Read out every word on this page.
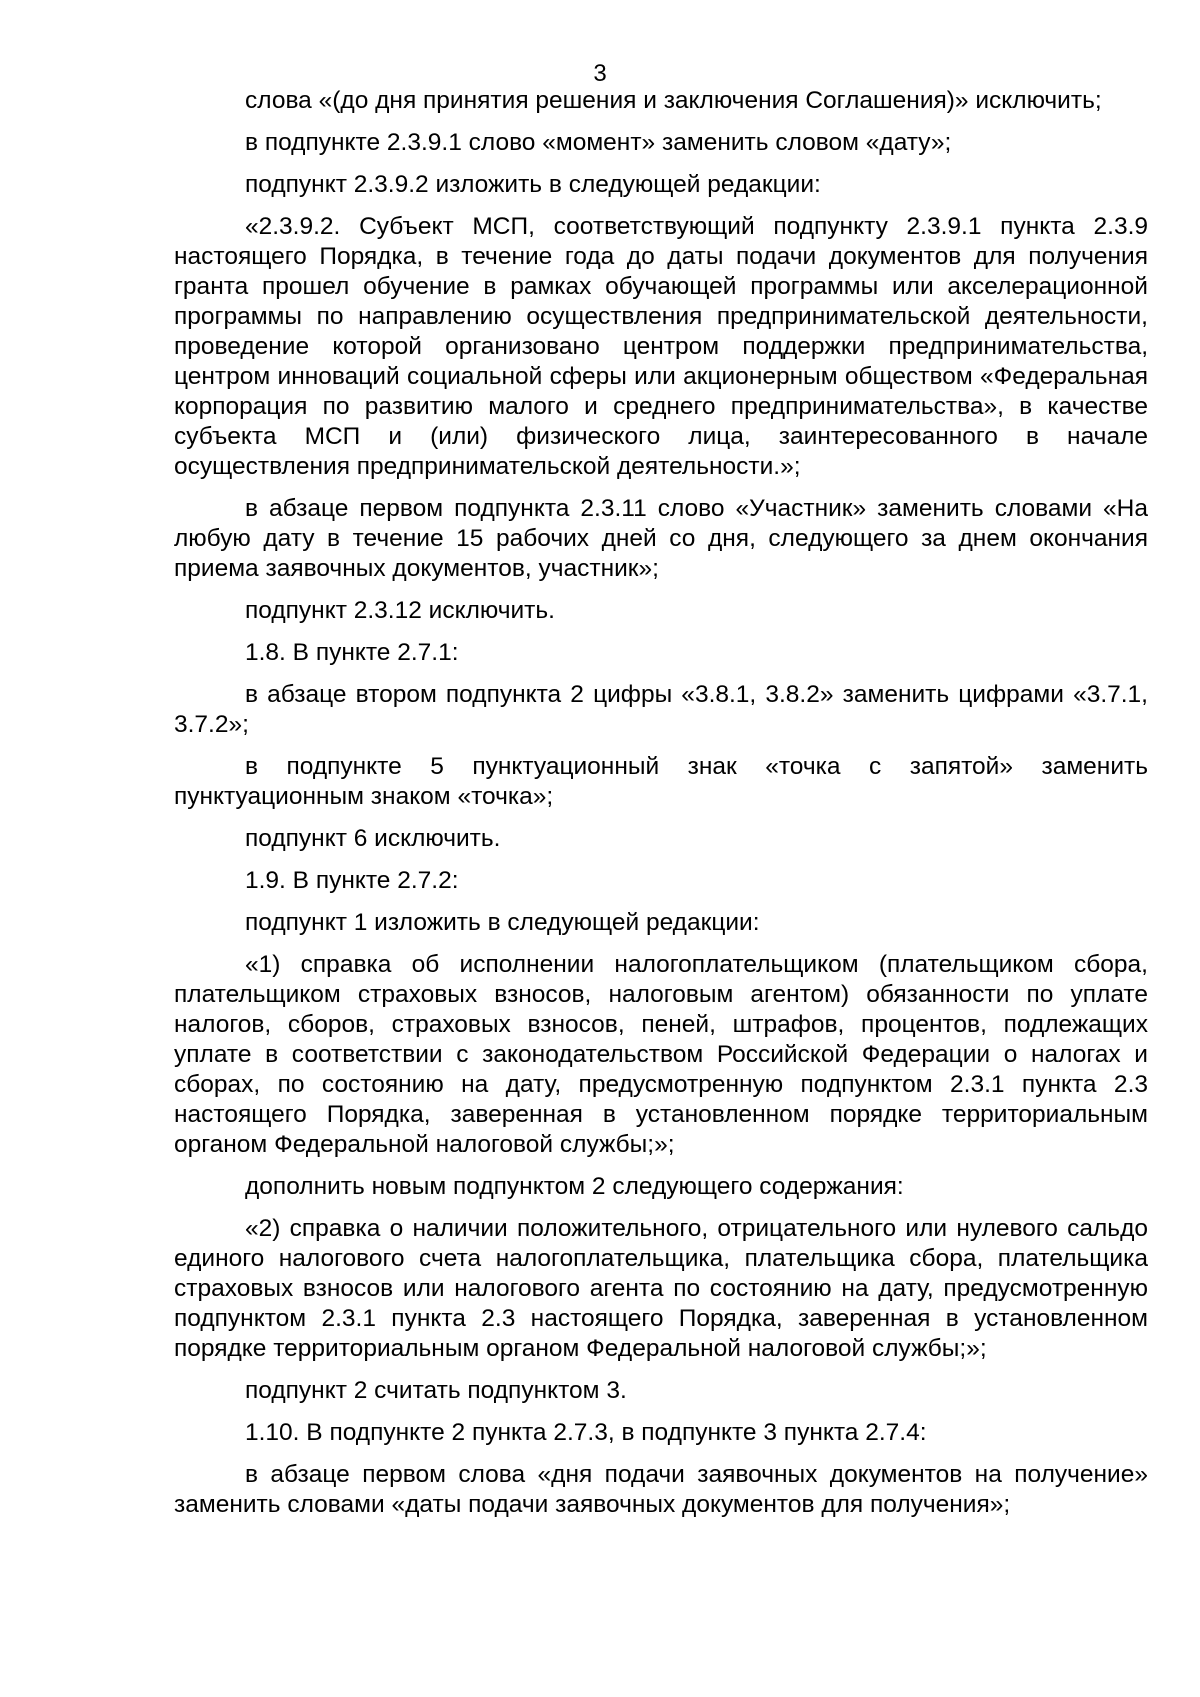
3

слова «(до дня принятия решения и заключения Соглашения)» исключить;

в подпункте 2.3.9.1 слово «момент» заменить словом «дату»;

подпункт 2.3.9.2 изложить в следующей редакции:

«2.3.9.2. Субъект МСП, соответствующий подпункту 2.3.9.1 пункта 2.3.9 настоящего Порядка, в течение года до даты подачи документов для получения гранта прошел обучение в рамках обучающей программы или акселерационной программы по направлению осуществления предпринимательской деятельности, проведение которой организовано центром поддержки предпринимательства, центром инноваций социальной сферы или акционерным обществом «Федеральная корпорация по развитию малого и среднего предпринимательства», в качестве субъекта МСП и (или) физического лица, заинтересованного в начале осуществления предпринимательской деятельности.»;

в абзаце первом подпункта 2.3.11 слово «Участник» заменить словами «На любую дату в течение 15 рабочих дней со дня, следующего за днем окончания приема заявочных документов, участник»;

подпункт 2.3.12 исключить.

1.8. В пункте 2.7.1:

в абзаце втором подпункта 2 цифры «3.8.1, 3.8.2» заменить цифрами «3.7.1, 3.7.2»;

в подпункте 5 пунктуационный знак «точка с запятой» заменить пунктуационным знаком «точка»;

подпункт 6 исключить.

1.9. В пункте 2.7.2:

подпункт 1 изложить в следующей редакции:

«1) справка об исполнении налогоплательщиком (плательщиком сбора, плательщиком страховых взносов, налоговым агентом) обязанности по уплате налогов, сборов, страховых взносов, пеней, штрафов, процентов, подлежащих уплате в соответствии с законодательством Российской Федерации о налогах и сборах, по состоянию на дату, предусмотренную подпунктом 2.3.1 пункта 2.3 настоящего Порядка, заверенная в установленном порядке территориальным органом Федеральной налоговой службы;»;

дополнить новым подпунктом 2 следующего содержания:

«2) справка о наличии положительного, отрицательного или нулевого сальдо единого налогового счета налогоплательщика, плательщика сбора, плательщика страховых взносов или налогового агента по состоянию на дату, предусмотренную подпунктом 2.3.1 пункта 2.3 настоящего Порядка, заверенная в установленном порядке территориальным органом Федеральной налоговой службы;»;

подпункт 2 считать подпунктом 3.

1.10. В подпункте 2 пункта 2.7.3, в подпункте 3 пункта 2.7.4:

в абзаце первом слова «дня подачи заявочных документов на получение» заменить словами «даты подачи заявочных документов для получения»;
